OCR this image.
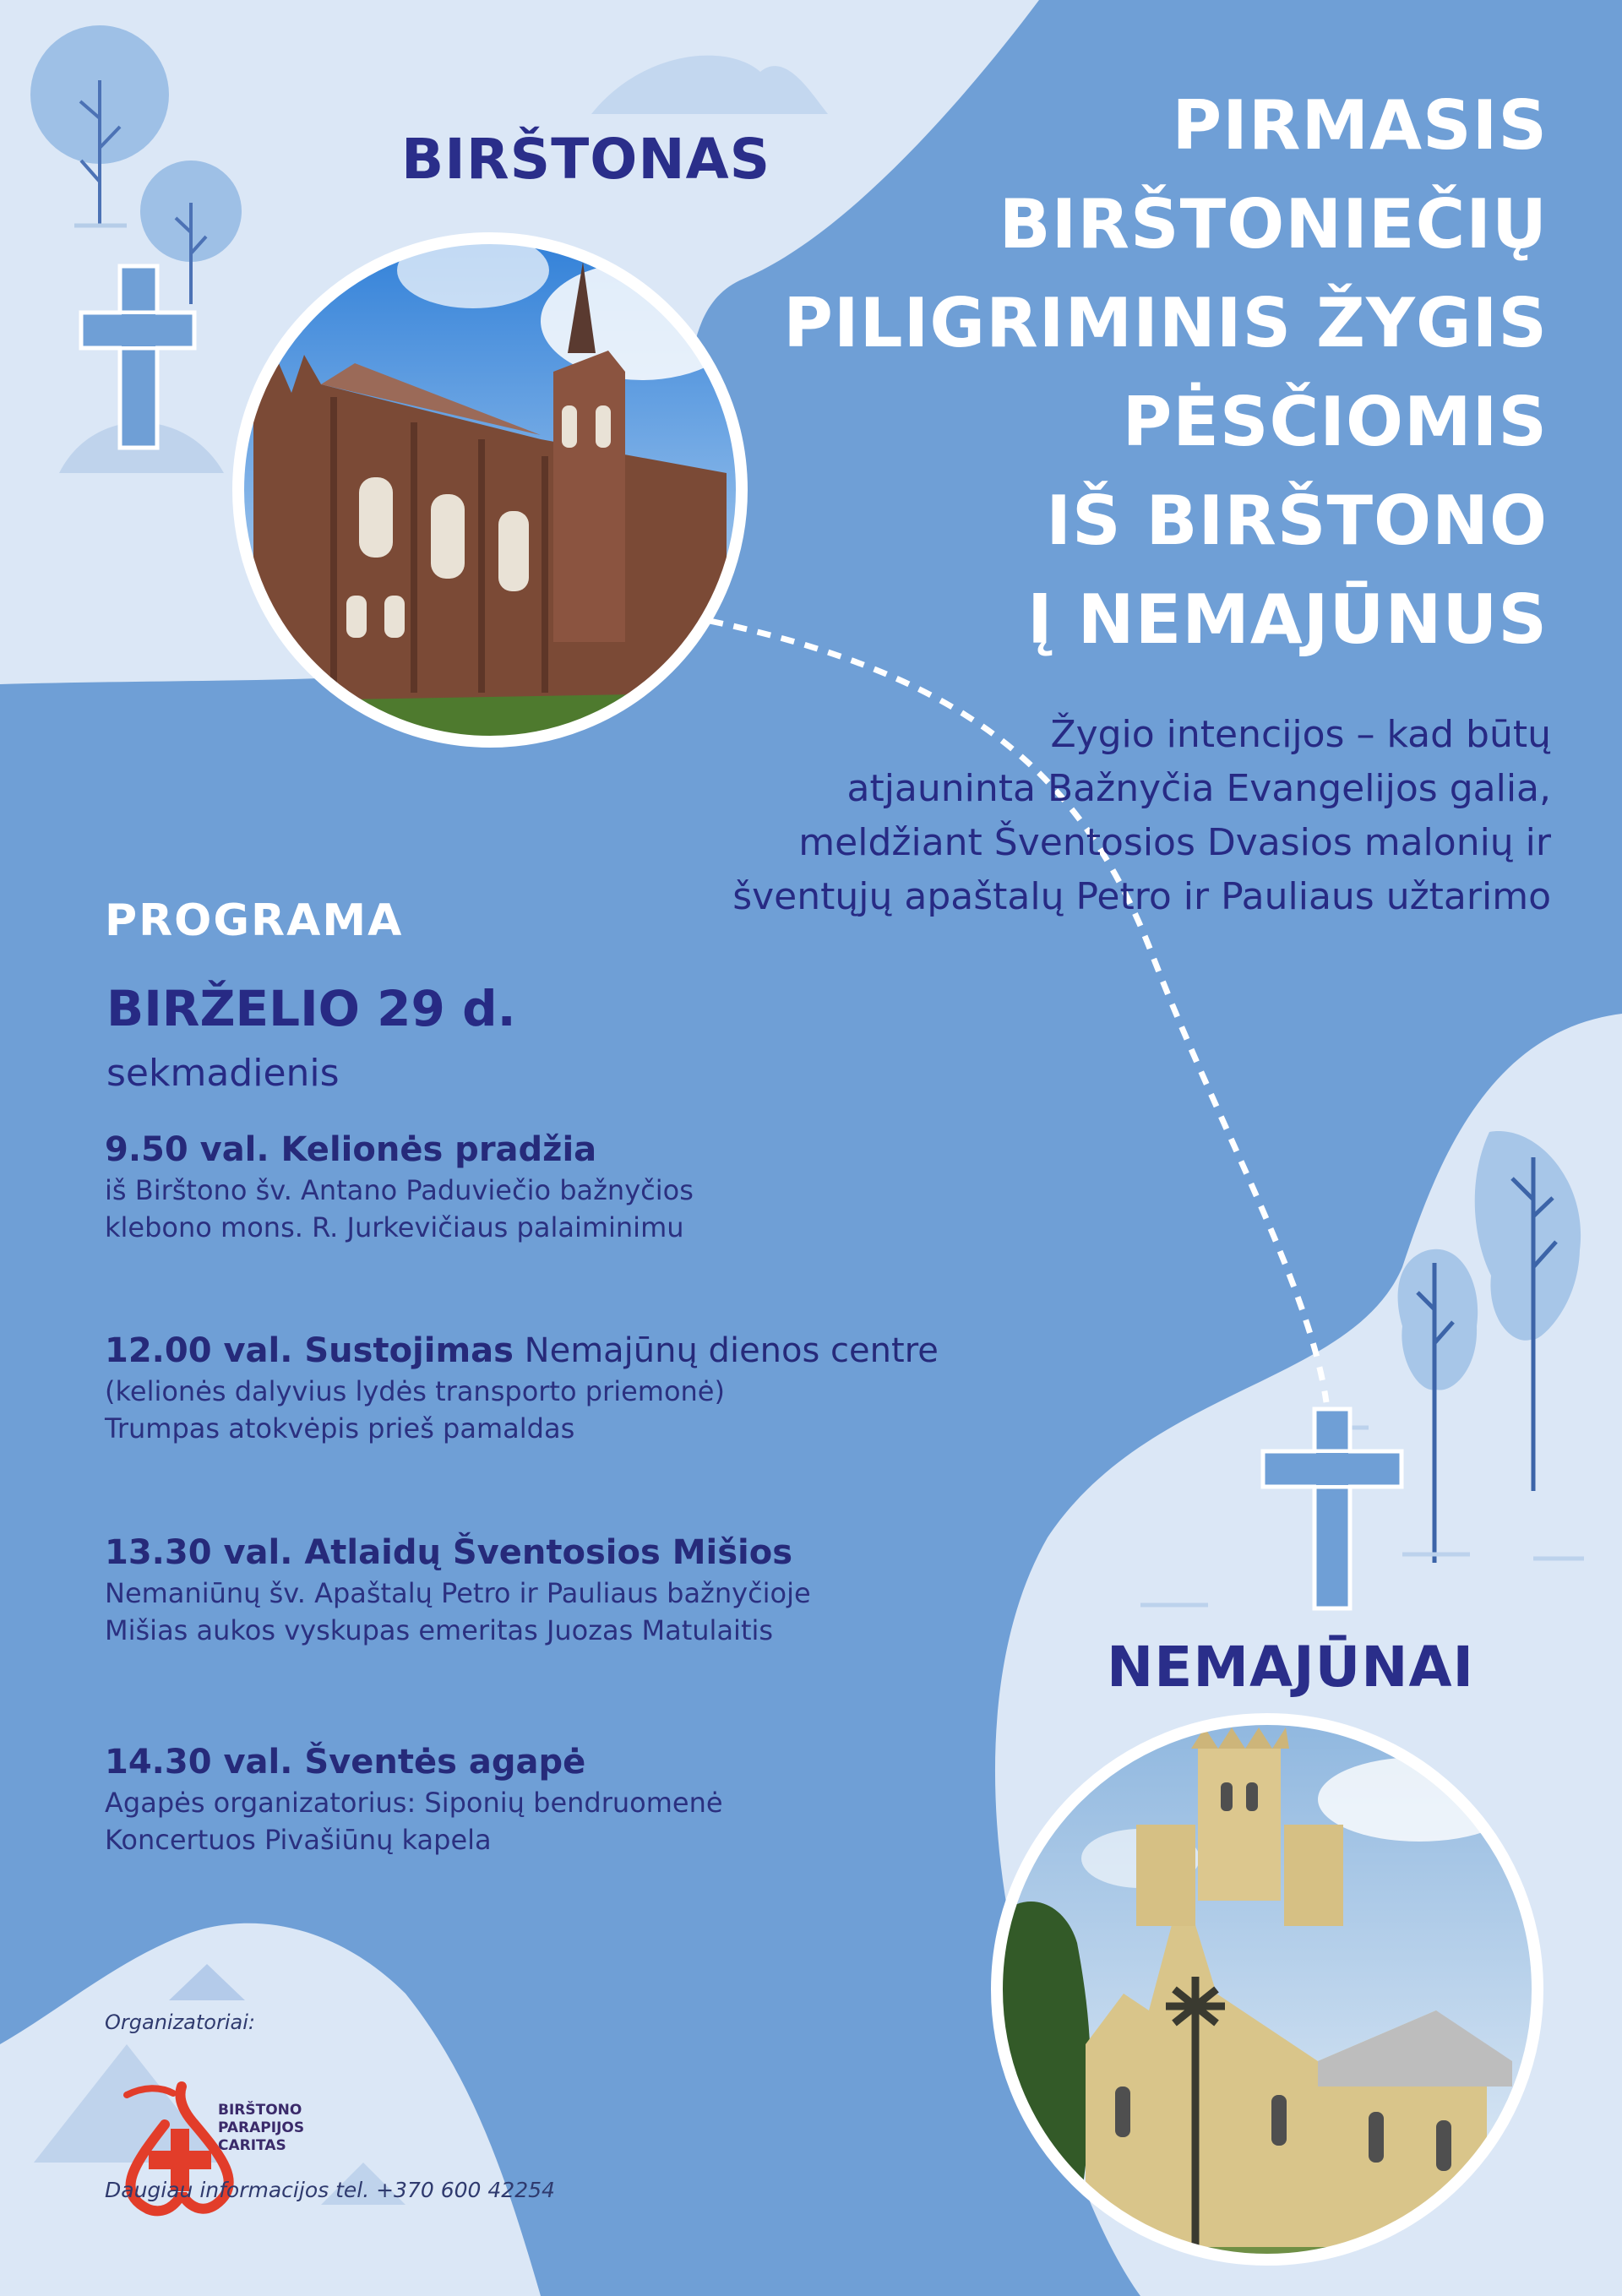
BIRŠTONAS
NEMAJŪNAI
PIRMASIS
BIRŠTONIEČIŲ
PILIGRIMINIS ŽYGIS
PĖSČIOMIS
IŠ BIRŠTONO
Į NEMAJŪNUS
Žygio intencijos – kad būtų
atjauninta Bažnyčia Evangelijos galia,
meldžiant Šventosios Dvasios malonių ir
šventųjų apaštalų Petro ir Pauliaus užtarimo
PROGRAMA
BIRŽELIO 29 d.
sekmadienis
9.50 val. Kelionės pradžia
iš Birštono šv. Antano Paduviečio bažnyčios
klebono mons. R. Jurkevičiaus palaiminimu
12.00 val. Sustojimas Nemajūnų dienos centre
(kelionės dalyvius lydės transporto priemonė)
Trumpas atokvėpis prieš pamaldas
13.30 val. Atlaidų Šventosios Mišios
Nemaniūnų šv. Apaštalų Petro ir Pauliaus bažnyčioje
Mišias aukos vyskupas emeritas Juozas Matulaitis
14.30 val. Šventės agapė
Agapės organizatorius: Siponių bendruomenė
Koncertuos Pivašiūnų kapela
Organizatoriai:
BIRŠTONO
PARAPIJOS
CARITAS
Daugiau informacijos tel. +370 600 42254
